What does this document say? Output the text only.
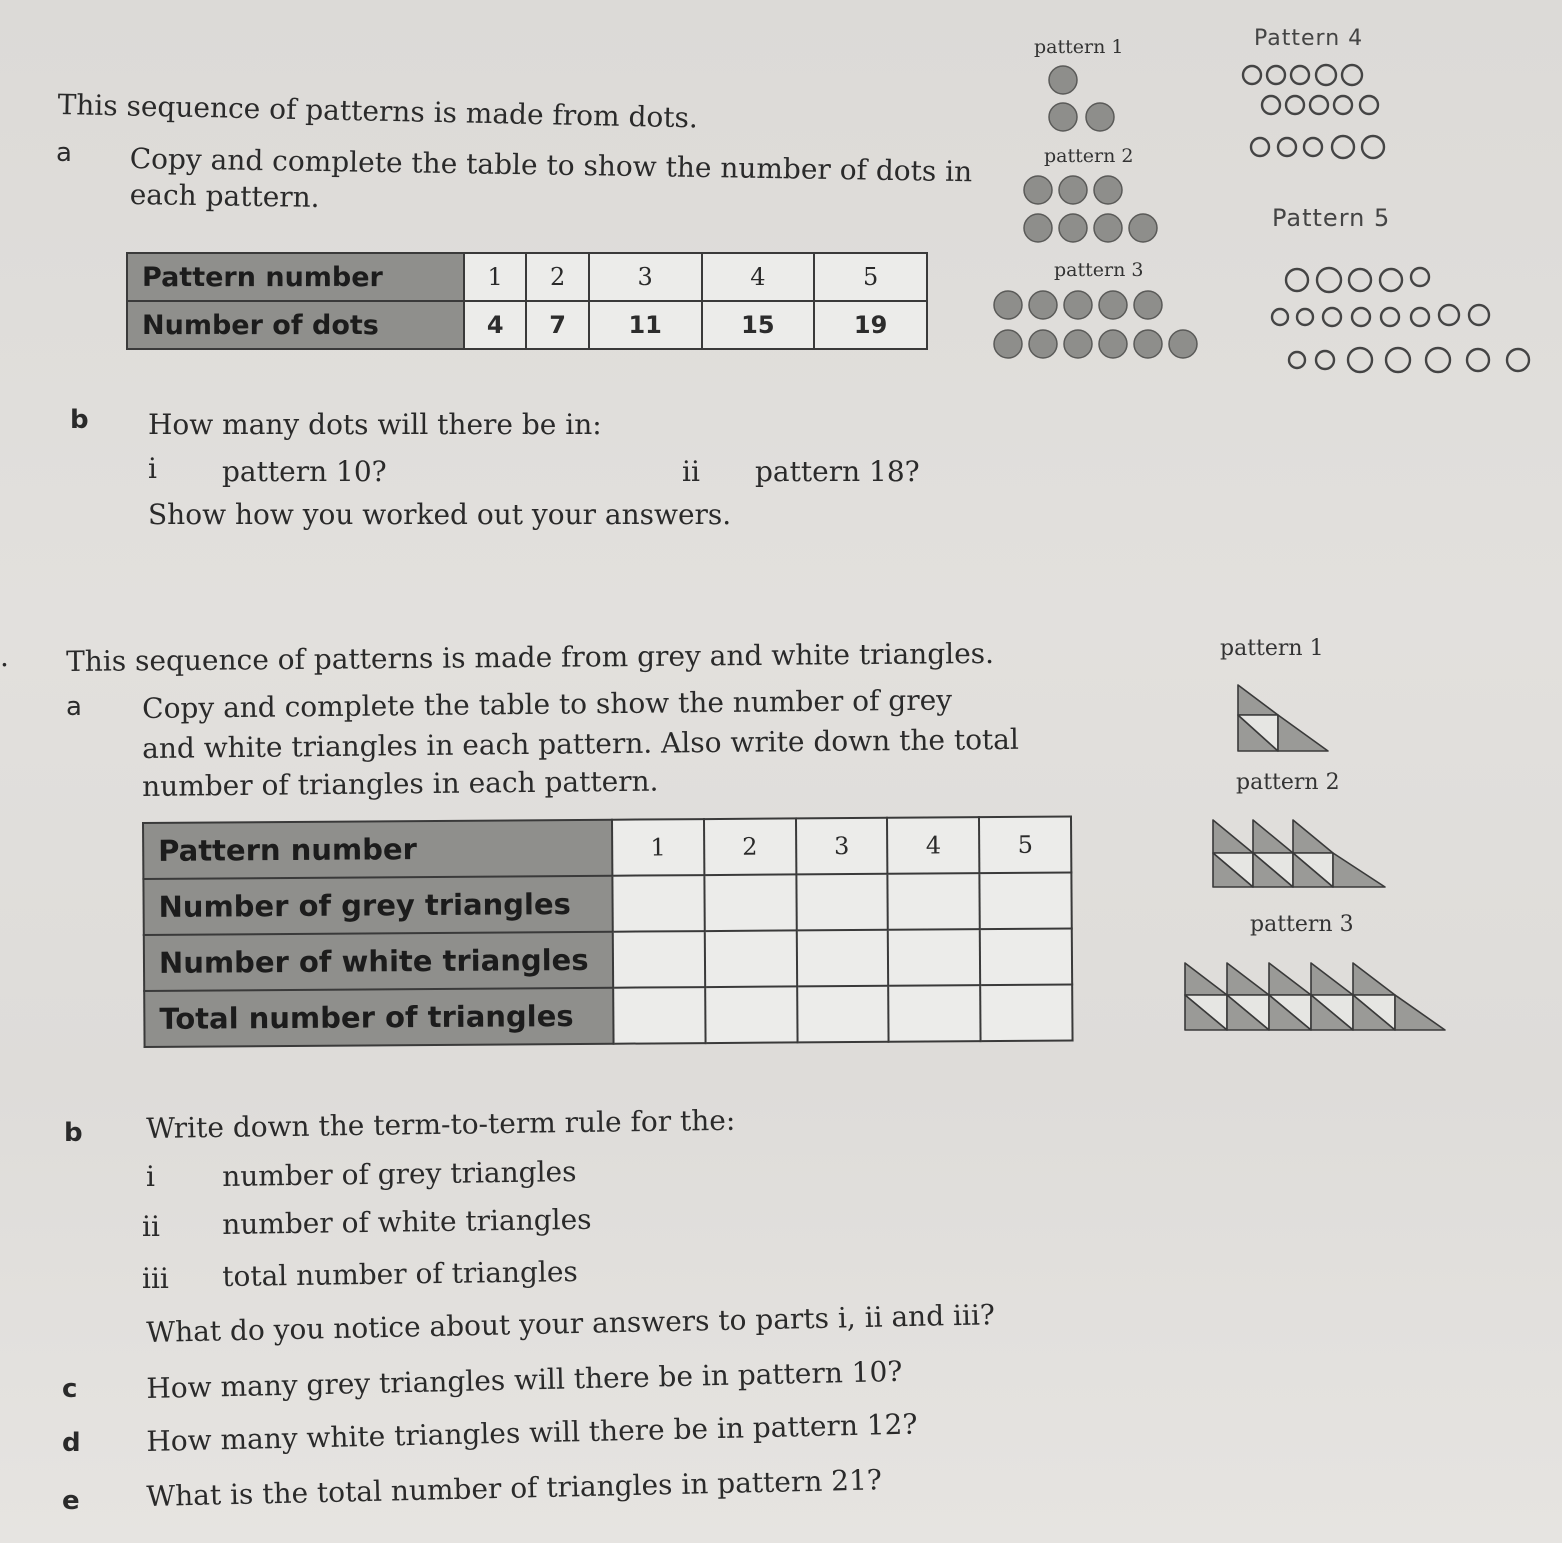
This sequence of patterns is made from dots.
a Copy and complete the table to show the number of dots in
each pattern.
Pattern number	1	2	3	4	5
Number of dots	4	7	11	15	19
b How many dots will there be in:
i pattern 10?	ii pattern 18?
Show how you worked out your answers.
pattern 1
pattern 2
pattern 3
Pattern 4
Pattern 5
. This sequence of patterns is made from grey and white triangles.
a Copy and complete the table to show the number of grey
and white triangles in each pattern. Also write down the total
number of triangles in each pattern.
Pattern number	1	2	3	4	5
Number of grey triangles					
Number of white triangles					
Total number of triangles					
pattern 1
pattern 2
pattern 3
b Write down the term-to-term rule for the:
i number of grey triangles
ii number of white triangles
iii total number of triangles
What do you notice about your answers to parts i, ii and iii?
c How many grey triangles will there be in pattern 10?
d How many white triangles will there be in pattern 12?
e What is the total number of triangles in pattern 21?
